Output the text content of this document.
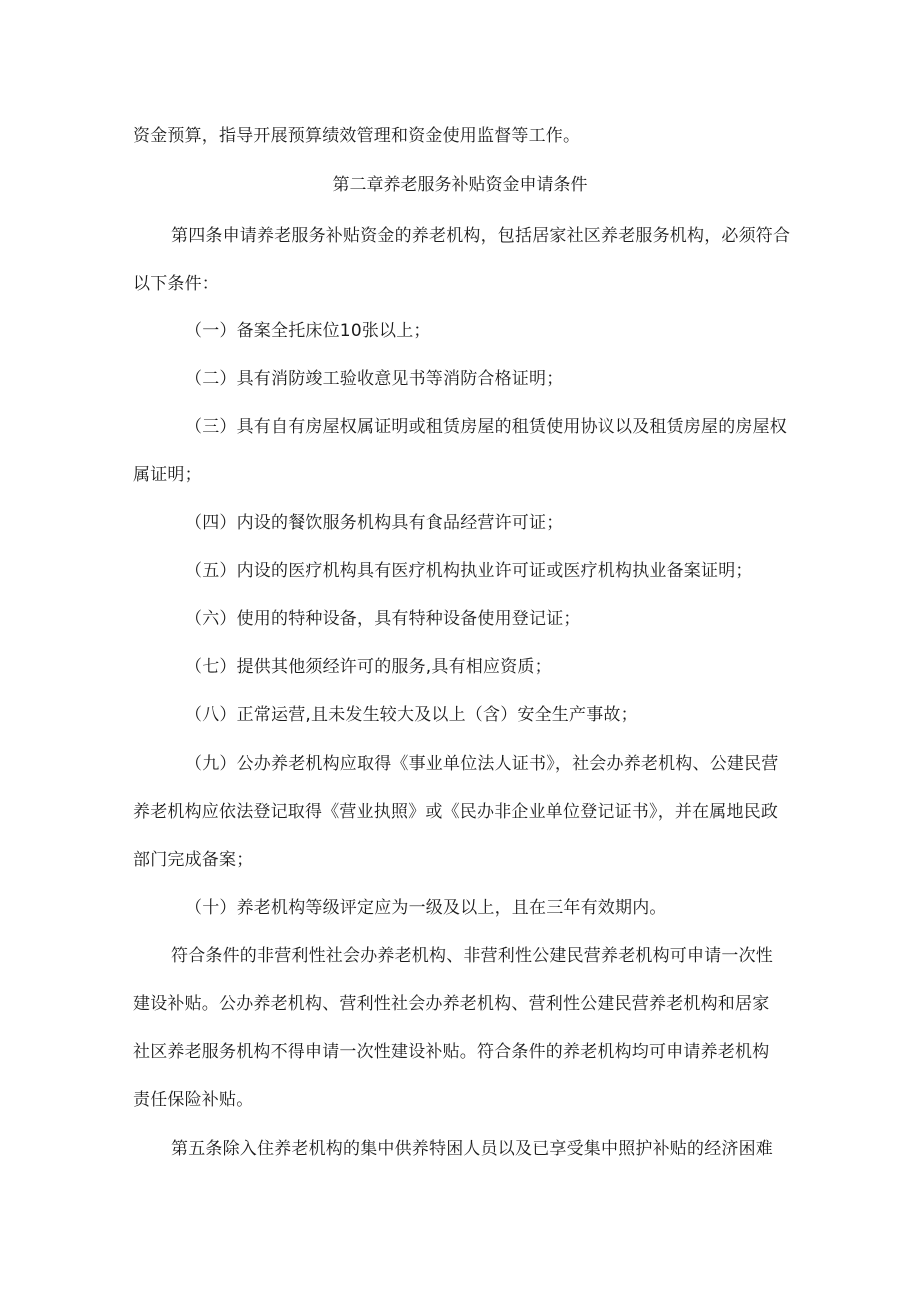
资金预算，指导开展预算绩效管理和资金使用监督等工作。
第二章养老服务补贴资金申请条件
第四条申请养老服务补贴资金的养老机构，包括居家社区养老服务机构，必须符合
以下条件：
（一）备案全托床位10张以上；
（二）具有消防竣工验收意见书等消防合格证明；
（三）具有自有房屋权属证明或租赁房屋的租赁使用协议以及租赁房屋的房屋权
属证明；
（四）内设的餐饮服务机构具有食品经营许可证；
（五）内设的医疗机构具有医疗机构执业许可证或医疗机构执业备案证明；
（六）使用的特种设备，具有特种设备使用登记证；
（七）提供其他须经许可的服务,具有相应资质；
（八）正常运营,且未发生较大及以上（含）安全生产事故；
（九）公办养老机构应取得《事业单位法人证书》，社会办养老机构、公建民营
养老机构应依法登记取得《营业执照》或《民办非企业单位登记证书》，并在属地民政
部门完成备案；
（十）养老机构等级评定应为一级及以上，且在三年有效期内。
符合条件的非营利性社会办养老机构、非营利性公建民营养老机构可申请一次性
建设补贴。公办养老机构、营利性社会办养老机构、营利性公建民营养老机构和居家
社区养老服务机构不得申请一次性建设补贴。符合条件的养老机构均可申请养老机构
责任保险补贴。
第五条除入住养老机构的集中供养特困人员以及已享受集中照护补贴的经济困难
